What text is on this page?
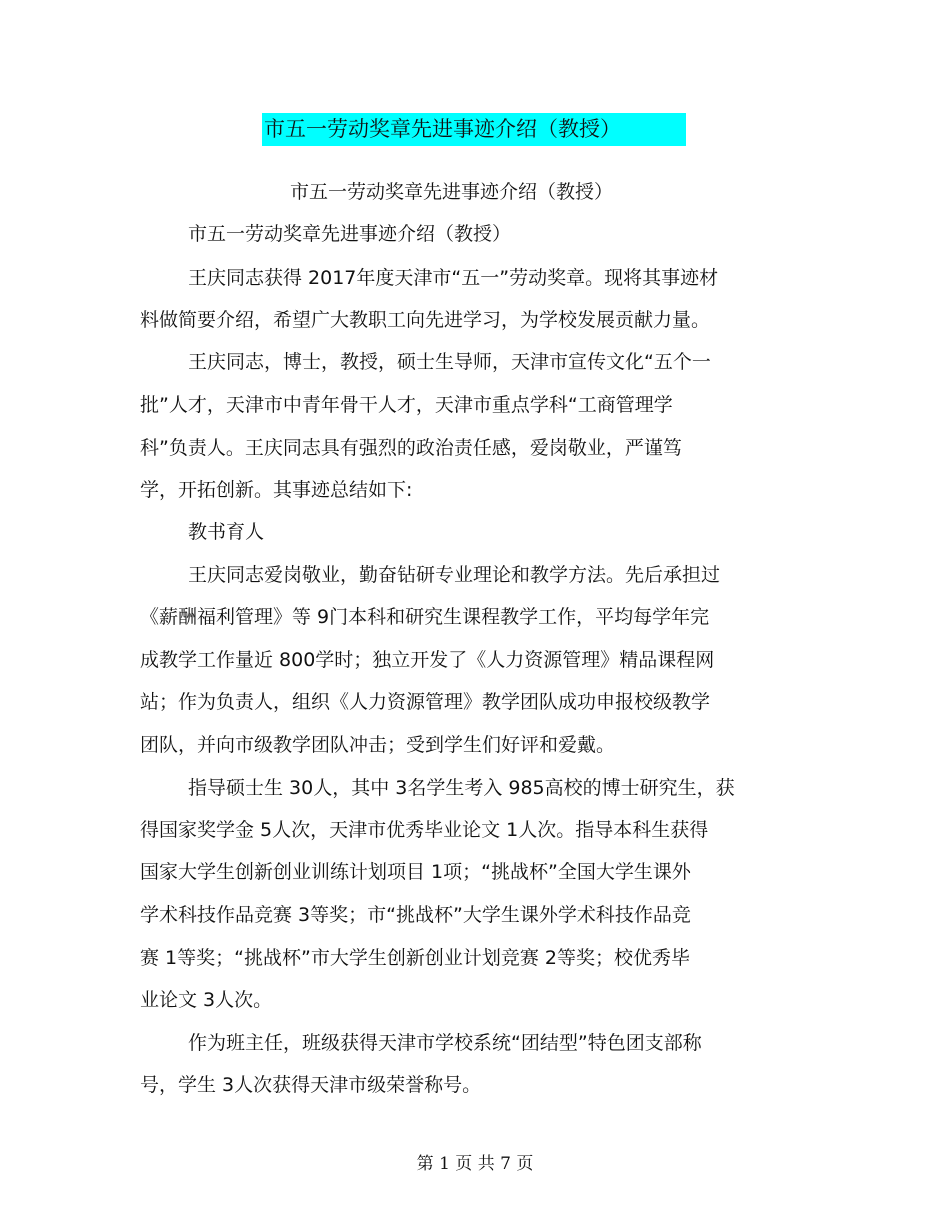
市五一劳动奖章先进事迹介绍（教授）
市五一劳动奖章先进事迹介绍（教授）
市五一劳动奖章先进事迹介绍（教授）
王庆同志获得 2017年度天津市“五一”劳动奖章。现将其事迹材
料做简要介绍，希望广大教职工向先进学习，为学校发展贡献力量。
王庆同志，博士，教授，硕士生导师，天津市宣传文化“五个一
批”人才，天津市中青年骨干人才，天津市重点学科“工商管理学
科”负责人。王庆同志具有强烈的政治责任感，爱岗敬业，严谨笃
学，开拓创新。其事迹总结如下:
教书育人
王庆同志爱岗敬业，勤奋钻研专业理论和教学方法。先后承担过
《薪酬福利管理》等 9门本科和研究生课程教学工作，平均每学年完
成教学工作量近 800学时；独立开发了《人力资源管理》精品课程网
站；作为负责人，组织《人力资源管理》教学团队成功申报校级教学
团队，并向市级教学团队冲击；受到学生们好评和爱戴。
指导硕士生 30人，其中 3名学生考入 985高校的博士研究生，获
得国家奖学金 5人次，天津市优秀毕业论文 1人次。指导本科生获得
国家大学生创新创业训练计划项目 1项；“挑战杯”全国大学生课外
学术科技作品竞赛 3等奖；市“挑战杯”大学生课外学术科技作品竞
赛 1等奖；“挑战杯”市大学生创新创业计划竞赛 2等奖；校优秀毕
业论文 3人次。
作为班主任，班级获得天津市学校系统“团结型”特色团支部称
号，学生 3人次获得天津市级荣誉称号。
第 1 页 共 7 页
